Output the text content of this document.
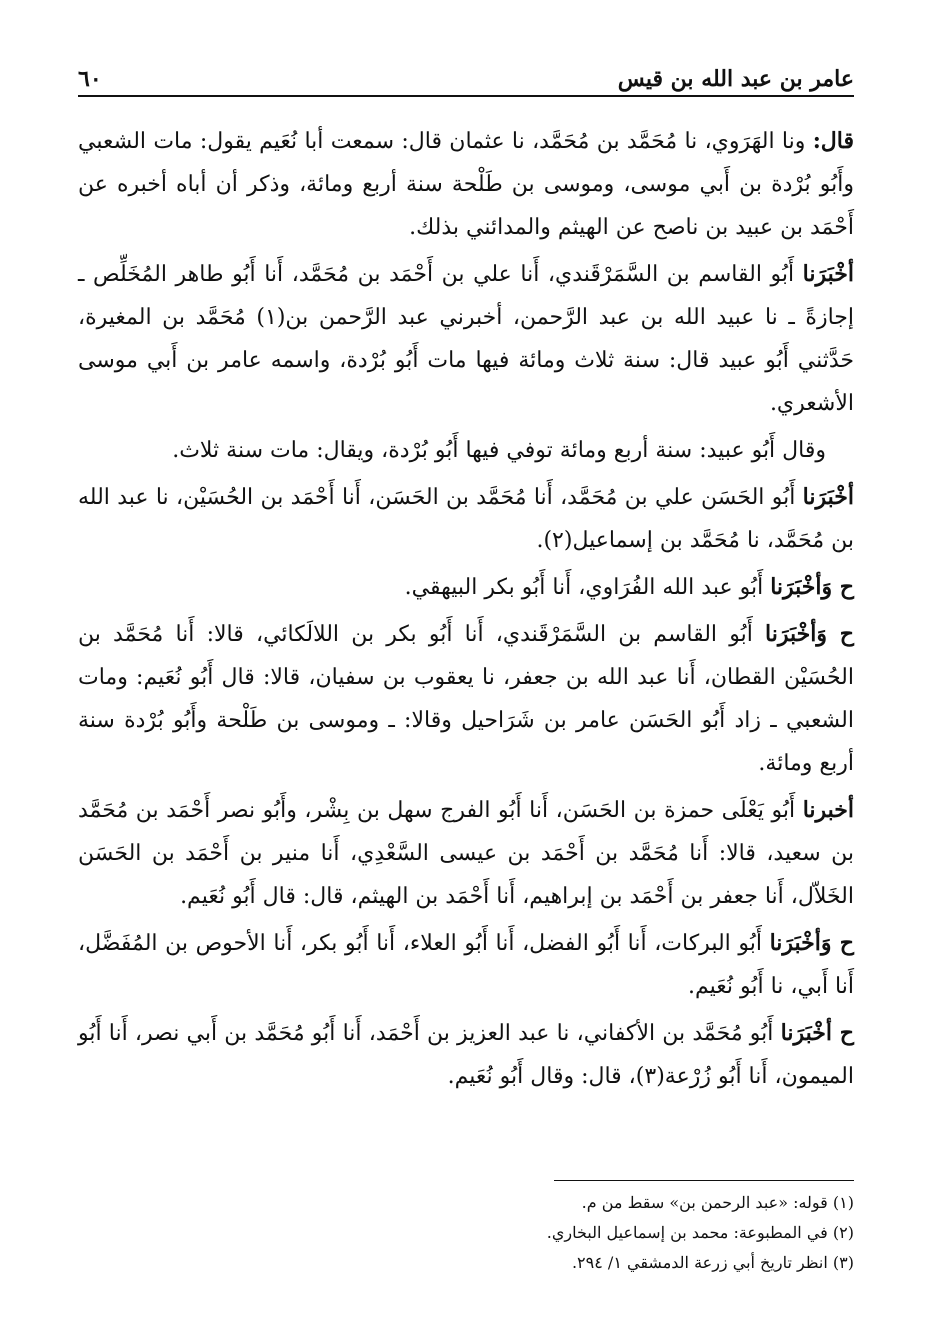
عامر بن عبد الله بن قيس
٦٠

قال: ونا الهَرَوي، نا مُحَمَّد بن مُحَمَّد، نا عثمان قال: سمعت أبا نُعَيم يقول: مات الشعبي وأَبُو بُرْدة بن أَبي موسى، وموسى بن طَلْحة سنة أربع ومائة، وذكر أن أباه أخبره عن أَحْمَد بن عبيد بن ناصح عن الهيثم والمدائني بذلك.

أخْبَرَنا أَبُو القاسم بن السَّمَرْقَندي، أَنا علي بن أَحْمَد بن مُحَمَّد، أَنا أَبُو طاهر المُخَلِّص ـ إجازةً ـ نا عبيد الله بن عبد الرَّحمن، أخبرني عبد الرَّحمن بن(١) مُحَمَّد بن المغيرة، حَدَّثني أَبُو عبيد قال: سنة ثلاث ومائة فيها مات أَبُو بُرْدة، واسمه عامر بن أَبي موسى الأشعري.

وقال أَبُو عبيد: سنة أربع ومائة توفي فيها أَبُو بُرْدة، ويقال: مات سنة ثلاث.

أخْبَرَنا أَبُو الحَسَن علي بن مُحَمَّد، أَنا مُحَمَّد بن الحَسَن، أَنا أَحْمَد بن الحُسَيْن، نا عبد الله بن مُحَمَّد، نا مُحَمَّد بن إسماعيل(٢).

ح وَأخْبَرَنا أَبُو عبد الله الفُرَاوي، أَنا أَبُو بكر البيهقي.

ح وَأخْبَرَنا أَبُو القاسم بن السَّمَرْقَندي، أَنا أَبُو بكر بن اللالَكائي، قالا: أَنا مُحَمَّد بن الحُسَيْن القطان، أَنا عبد الله بن جعفر، نا يعقوب بن سفيان، قالا: قال أَبُو نُعَيم: ومات الشعبي ـ زاد أَبُو الحَسَن عامر بن شَرَاحيل وقالا: ـ وموسى بن طَلْحة وأَبُو بُرْدة سنة أربع ومائة.

أخبرنا أَبُو يَعْلَى حمزة بن الحَسَن، أَنا أَبُو الفرج سهل بن بِشْر، وأَبُو نصر أَحْمَد بن مُحَمَّد بن سعيد، قالا: أَنا مُحَمَّد بن أَحْمَد بن عيسى السَّعْدِي، أَنا منير بن أَحْمَد بن الحَسَن الخَلاّل، أَنا جعفر بن أَحْمَد بن إبراهيم، أَنا أَحْمَد بن الهيثم، قال: قال أَبُو نُعَيم.

ح وَأخْبَرَنا أَبُو البركات، أَنا أَبُو الفضل، أَنا أَبُو العلاء، أَنا أَبُو بكر، أَنا الأحوص بن المُفَضَّل، أَنا أَبي، نا أَبُو نُعَيم.

ح أخْبَرَنا أَبُو مُحَمَّد بن الأكفاني، نا عبد العزيز بن أَحْمَد، أَنا أَبُو مُحَمَّد بن أَبي نصر، أَنا أَبُو الميمون، أَنا أَبُو زُرْعة(٣)، قال: وقال أَبُو نُعَيم.

(١) قوله: «عبد الرحمن بن» سقط من م.
(٢) في المطبوعة: محمد بن إسماعيل البخاري.
(٣) انظر تاريخ أبي زرعة الدمشقي ١/ ٢٩٤.
